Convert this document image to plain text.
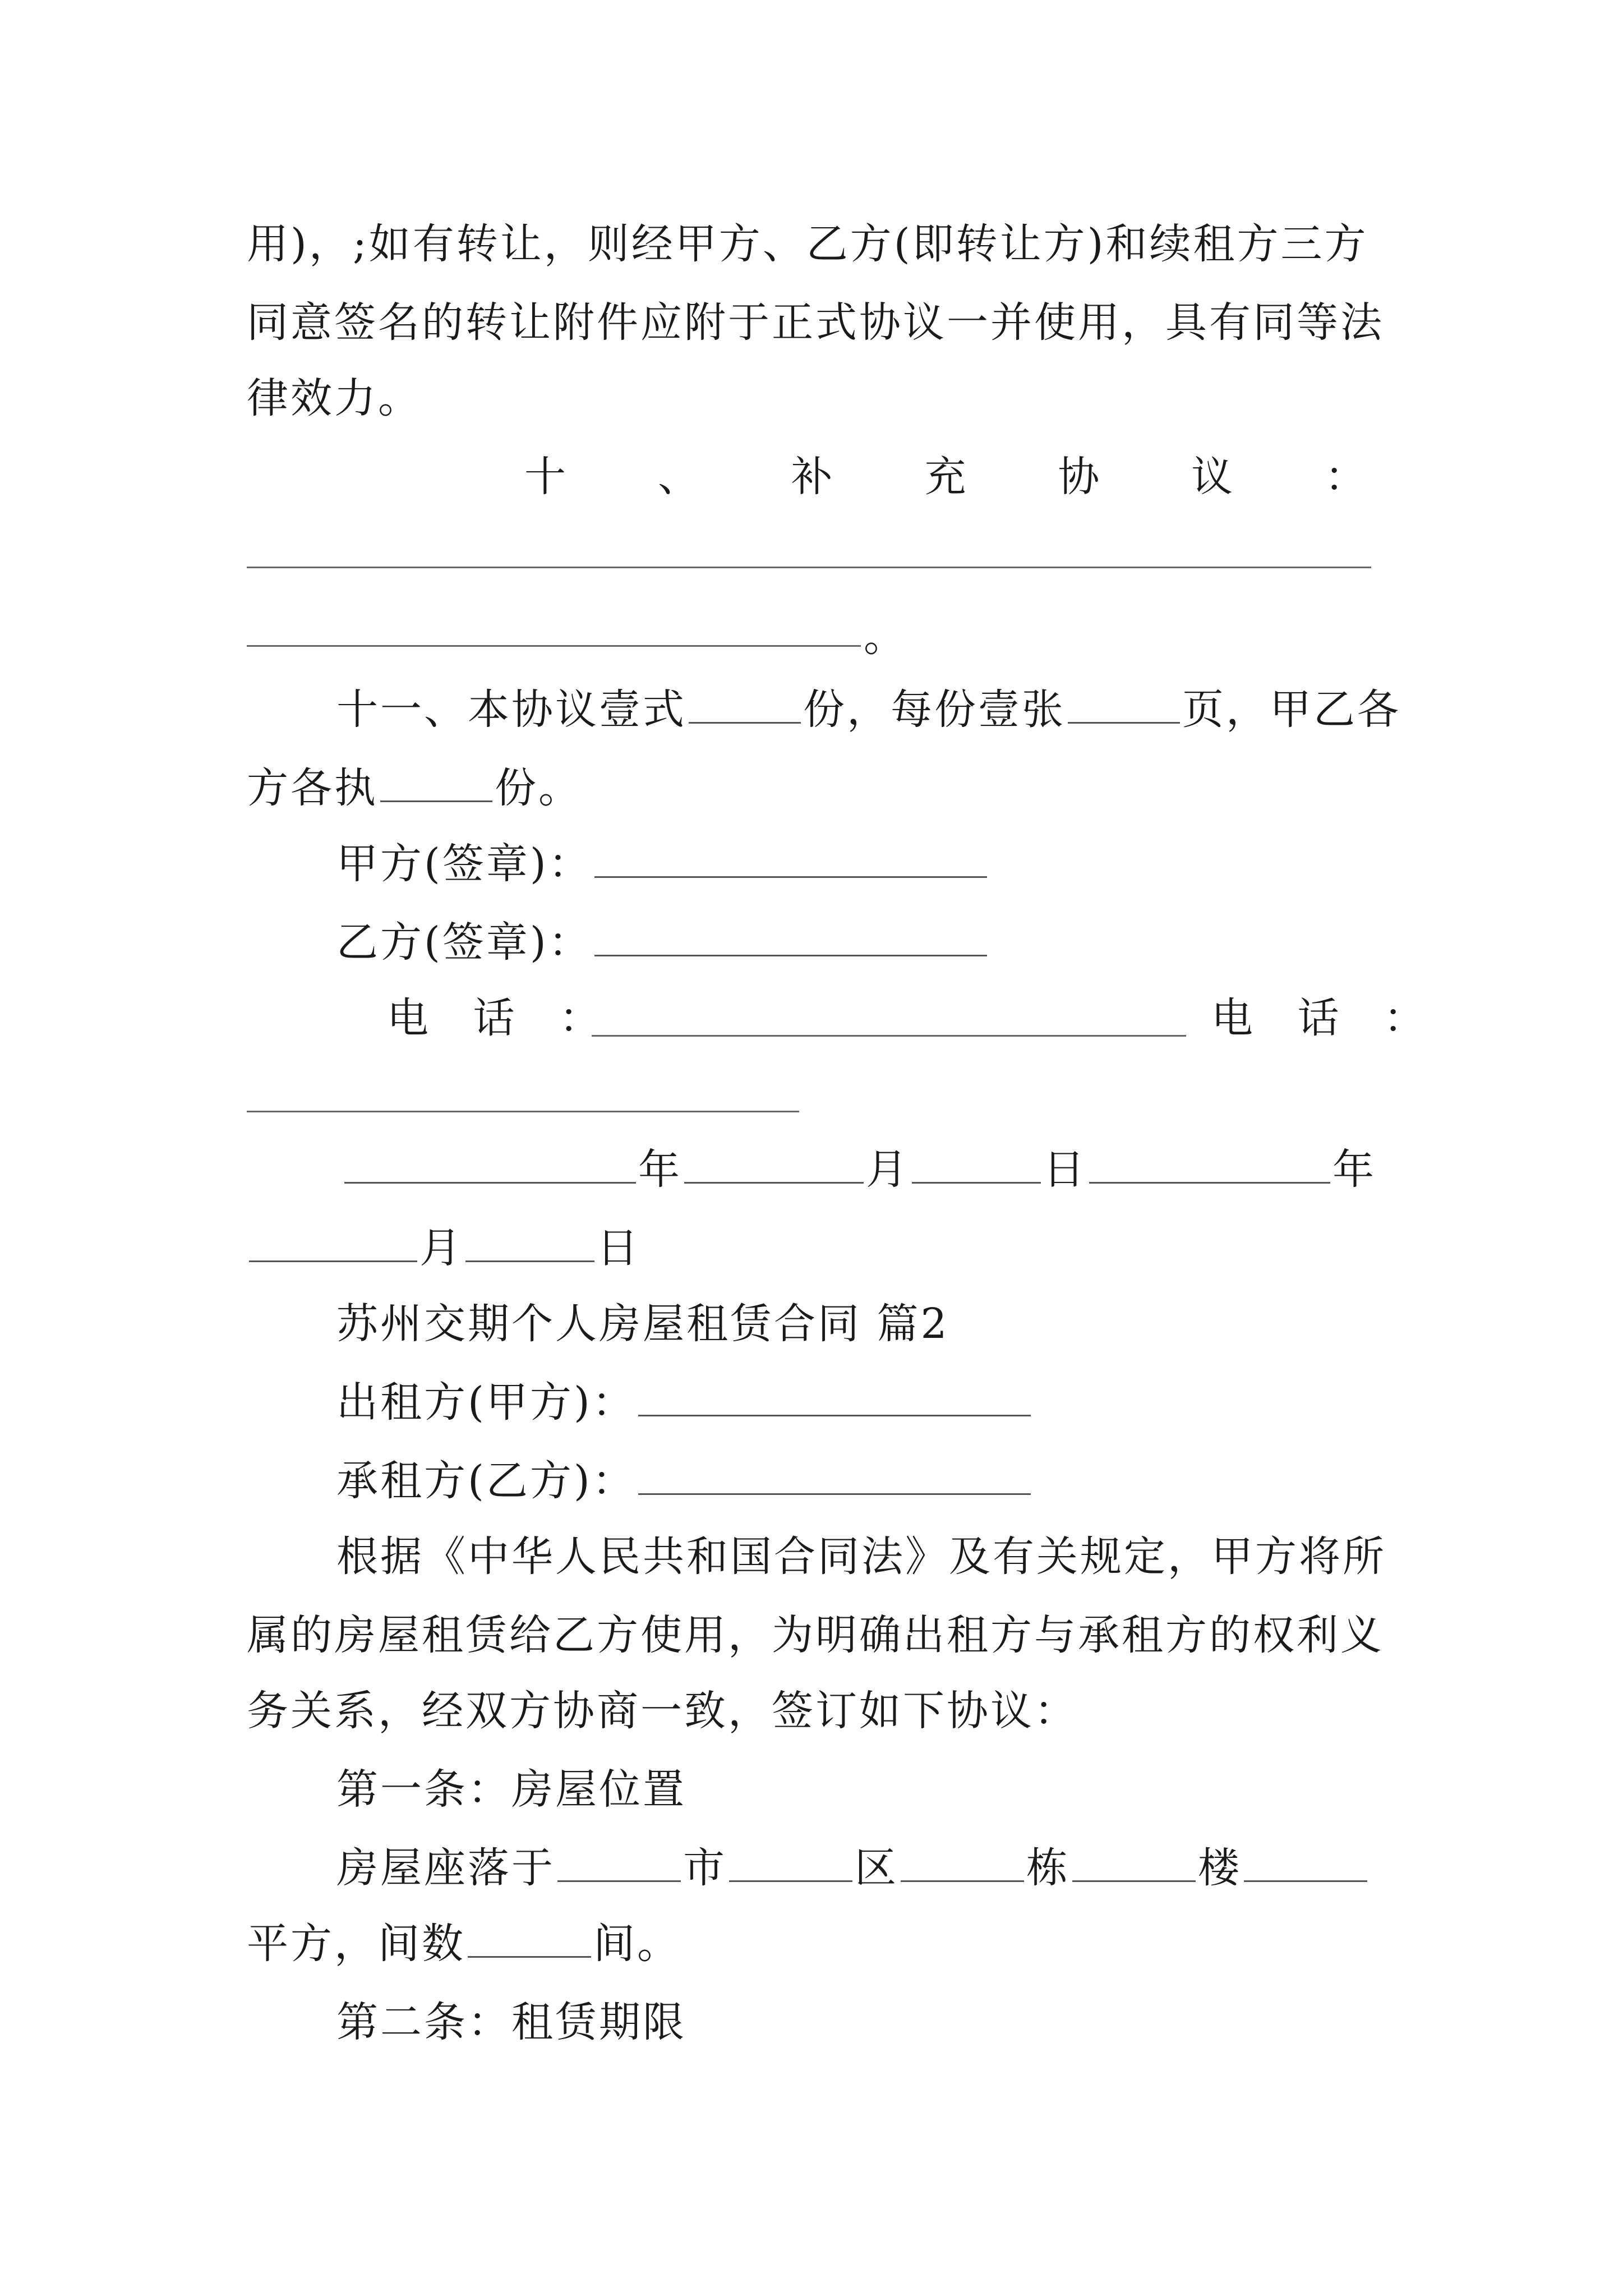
用)，;如有转让，则经甲方、乙方(即转让方)和续租方三方
同意签名的转让附件应附于正式协议一并使用，具有同等法
律效力。
十 、 补 充 协 议 ：
。
十一、本协议壹式	份，每份壹张	页，甲乙各
方各执	份。
甲方(签章)：
乙方(签章)：
电 话 ：	电 话 ：
年	月	日	年
月	日
苏州交期个人房屋租赁合同 篇2
出租方(甲方)：
承租方(乙方)：
根据《中华人民共和国合同法》及有关规定，甲方将所
属的房屋租赁给乙方使用，为明确出租方与承租方的权利义
务关系，经双方协商一致，签订如下协议：
第一条：房屋位置
房屋座落于	市	区	栋	楼
平方，间数	间。
第二条：租赁期限
